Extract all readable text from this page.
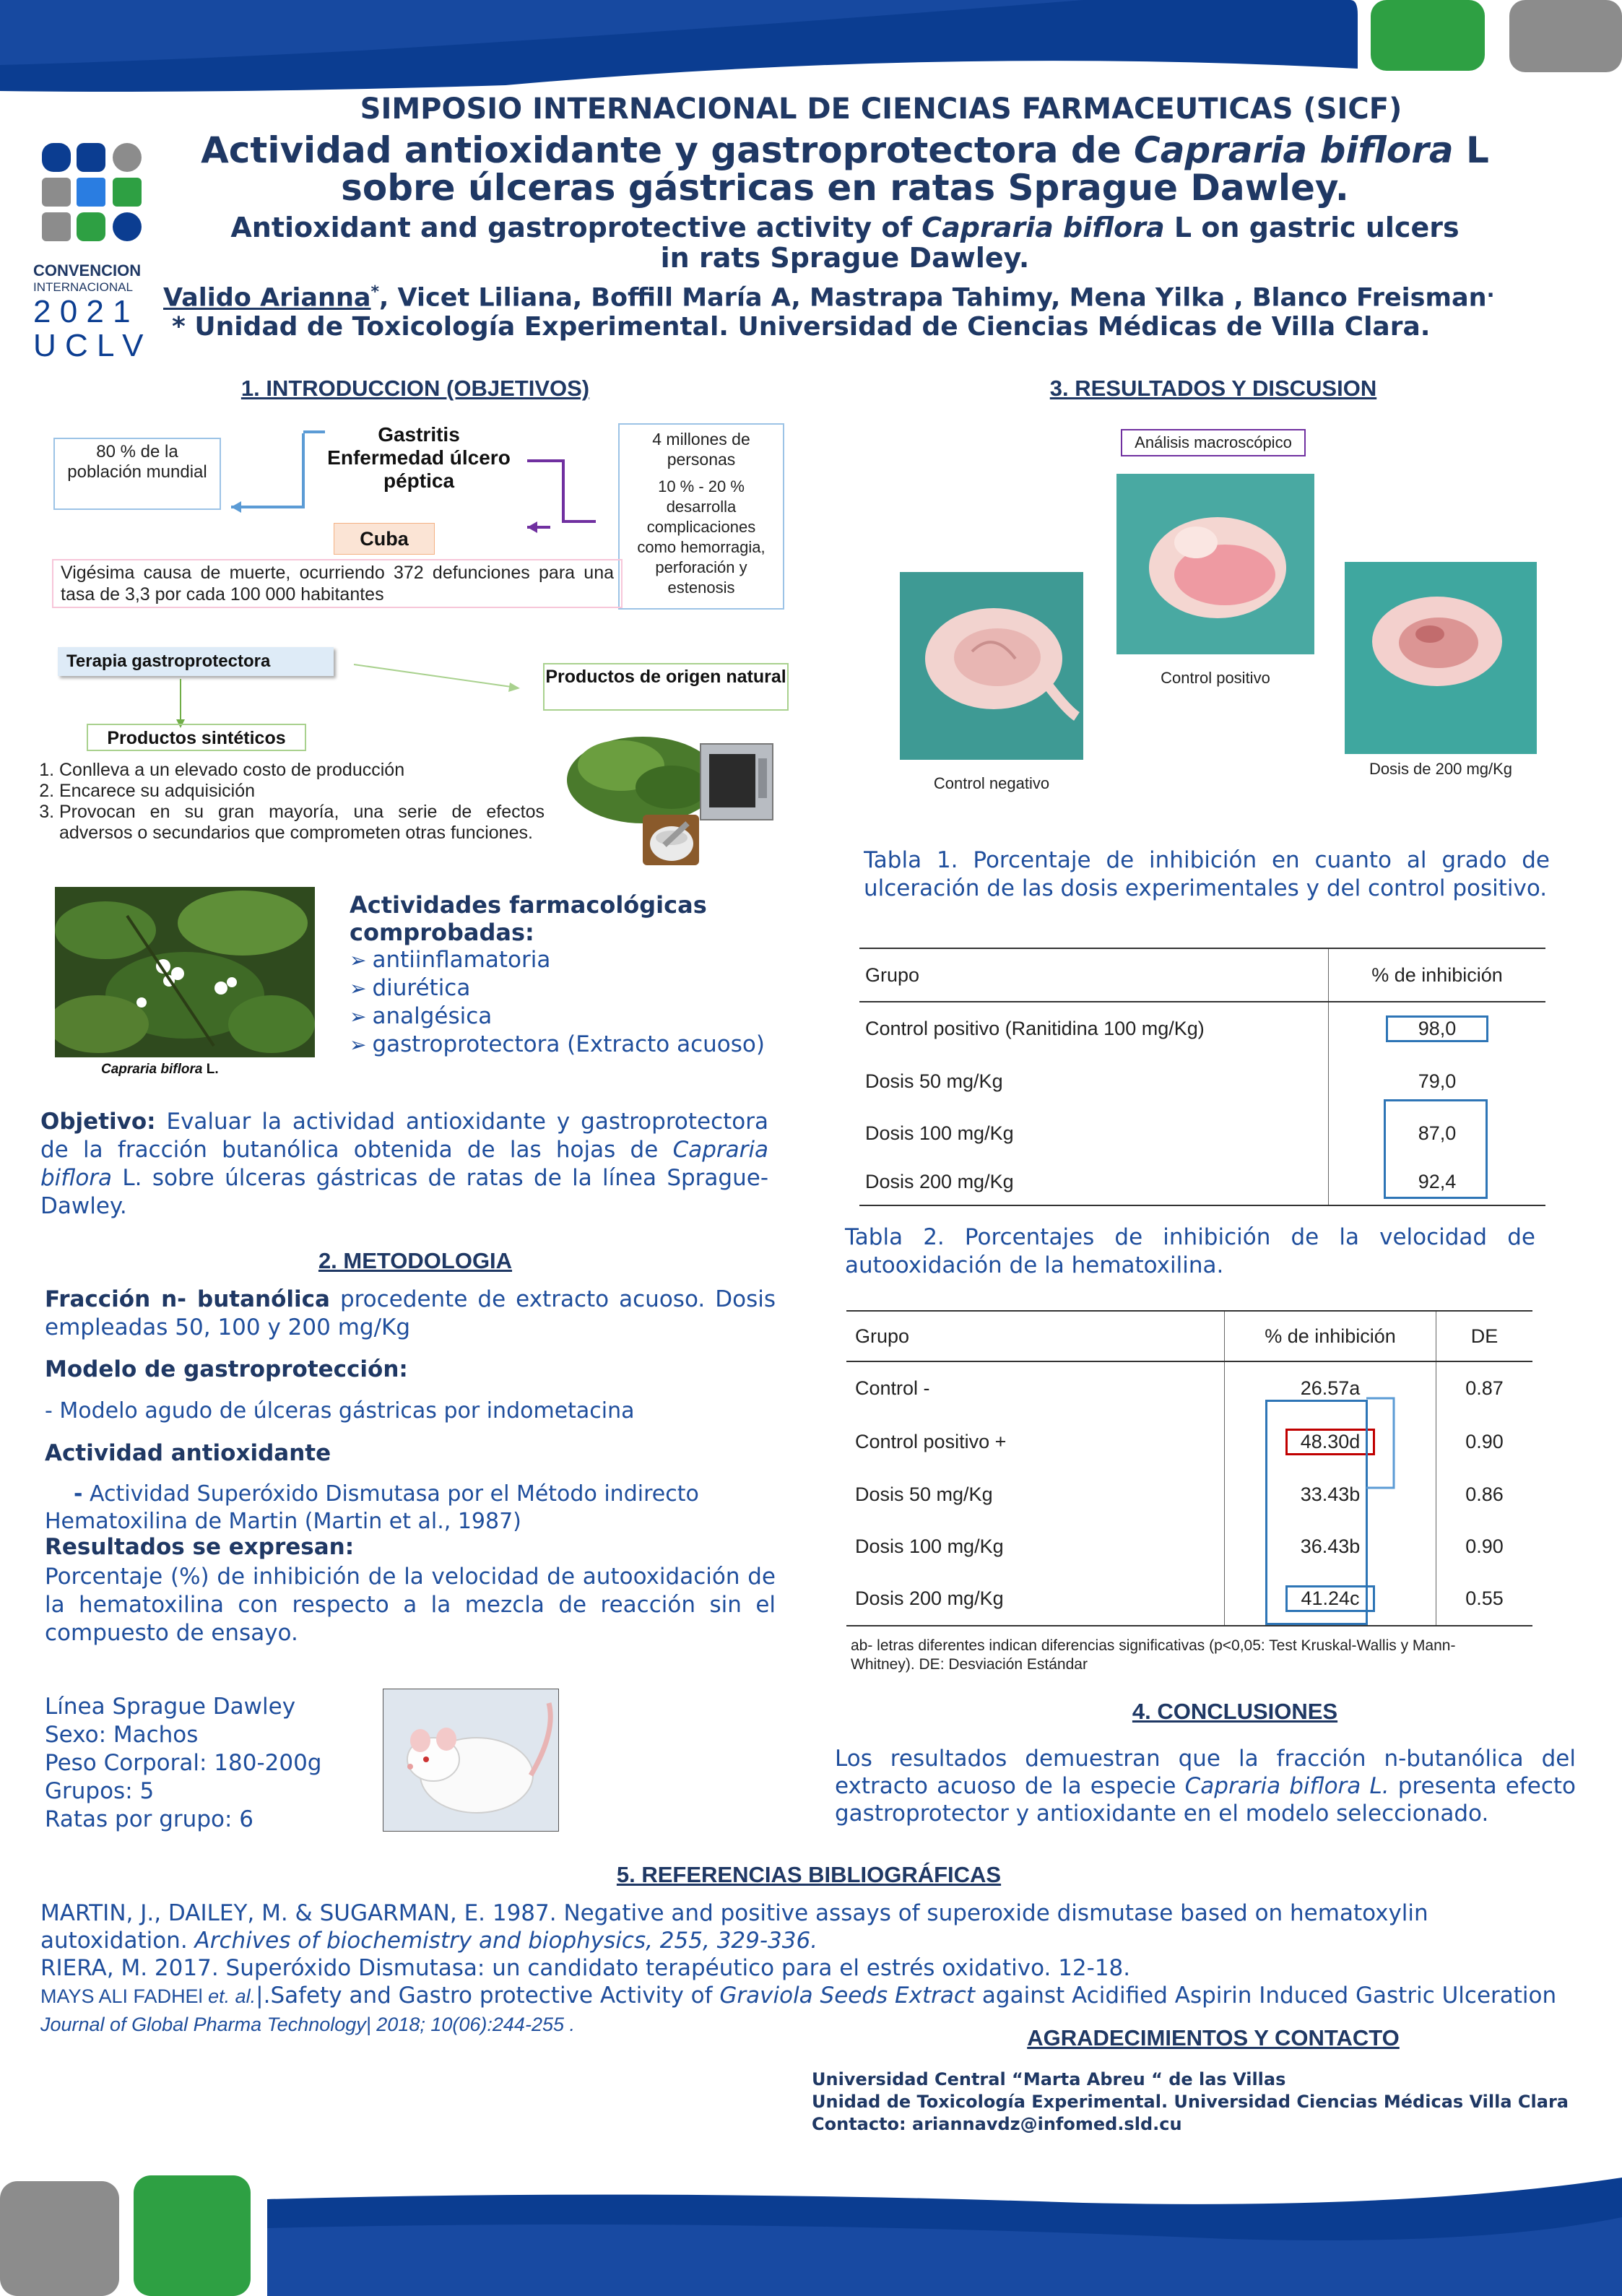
CONVENCION
INTERNACIONAL
2 0 2 1
U C L V
SIMPOSIO INTERNACIONAL DE CIENCIAS FARMACEUTICAS (SICF)
Actividad antioxidante y gastroprotectora de Capraria biflora L
sobre úlceras gástricas en ratas Sprague Dawley.
Antioxidant and gastroprotective activity of Capraria biflora L on gastric ulcers
in rats Sprague Dawley.
Valido Arianna*, Vicet Liliana, Boffill María A, Mastrapa Tahimy, Mena Yilka , Blanco Freisman.
* Unidad de Toxicología Experimental. Universidad de Ciencias Médicas de Villa Clara.
1. INTRODUCCION (OBJETIVOS)
80 % de la población mundial
Gastritis
Enfermedad úlcero péptica
4 millones de personas
10 % - 20 % desarrolla complicaciones como hemorragia, perforación y estenosis
Cuba
Vigésima causa de muerte, ocurriendo 372 defunciones para una tasa de 3,3 por cada 100 000 habitantes
Terapia gastroprotectora
Productos de origen natural
Productos sintéticos
1. Conlleva a un elevado costo de producción
2. Encarece su adquisición
3. Provocan en su gran mayoría, una serie de efectos adversos o secundarios que comprometen otras funciones.
Capraria biflora L.
Actividades farmacológicas comprobadas:
➢ antiinflamatoria
➢ diurética
➢ analgésica
➢ gastroprotectora (Extracto acuoso)
Objetivo: Evaluar la actividad antioxidante y gastroprotectora de la fracción butanólica obtenida de las hojas de Capraria biflora L. sobre úlceras gástricas de ratas de la línea Sprague-Dawley.
2. METODOLOGIA
Fracción n- butanólica procedente de extracto acuoso. Dosis empleadas 50, 100 y 200 mg/Kg
Modelo de gastroprotección:
- Modelo agudo de úlceras gástricas por indometacina
Actividad antioxidante
- Actividad Superóxido Dismutasa por el Método indirecto Hematoxilina de Martin (Martin et al., 1987)
Resultados se expresan:
Porcentaje (%) de inhibición de la velocidad de autooxidación de la hematoxilina con respecto a la mezcla de reacción sin el compuesto de ensayo.
Línea Sprague Dawley
Sexo: Machos
Peso Corporal: 180-200g
Grupos: 5
Ratas por grupo: 6
3. RESULTADOS Y DISCUSION
Análisis macroscópico
Control negativo
Control positivo
Dosis de 200 mg/Kg
Tabla 1. Porcentaje de inhibición en cuanto al grado de ulceración de las dosis experimentales y del control positivo.
Grupo	% de inhibición
Control positivo (Ranitidina 100 mg/Kg)	98,0
Dosis 50 mg/Kg	79,0
Dosis 100 mg/Kg	87,0
Dosis 200 mg/Kg	92,4
Tabla 2. Porcentajes de inhibición de la velocidad de autooxidación de la hematoxilina.
Grupo	% de inhibición	DE
Control -	26.57a	0.87
Control positivo +	48.30d	0.90
Dosis 50 mg/Kg	33.43b	0.86
Dosis 100 mg/Kg	36.43b	0.90
Dosis 200 mg/Kg	41.24c	0.55
ab- letras diferentes indican diferencias significativas (p<0,05: Test Kruskal-Wallis y Mann-Whitney). DE: Desviación Estándar
4. CONCLUSIONES
Los resultados demuestran que la fracción n-butanólica del extracto acuoso de la especie Capraria biflora L. presenta efecto gastroprotector y antioxidante en el modelo seleccionado.
5. REFERENCIAS BIBLIOGRÁFICAS
MARTIN, J., DAILEY, M. & SUGARMAN, E. 1987. Negative and positive assays of superoxide dismutase based on hematoxylin autoxidation. Archives of biochemistry and biophysics, 255, 329-336.
RIERA, M. 2017. Superóxido Dismutasa: un candidato terapéutico para el estrés oxidativo. 12-18.
MAYS ALI FADHEl et. al.|.Safety and Gastro protective Activity of Graviola Seeds Extract against Acidified Aspirin Induced Gastric Ulceration Journal of Global Pharma Technology| 2018; 10(06):244-255 .
AGRADECIMIENTOS Y CONTACTO
Universidad Central “Marta Abreu “ de las Villas
Unidad de Toxicología Experimental. Universidad Ciencias Médicas Villa Clara
Contacto: ariannavdz@infomed.sld.cu
